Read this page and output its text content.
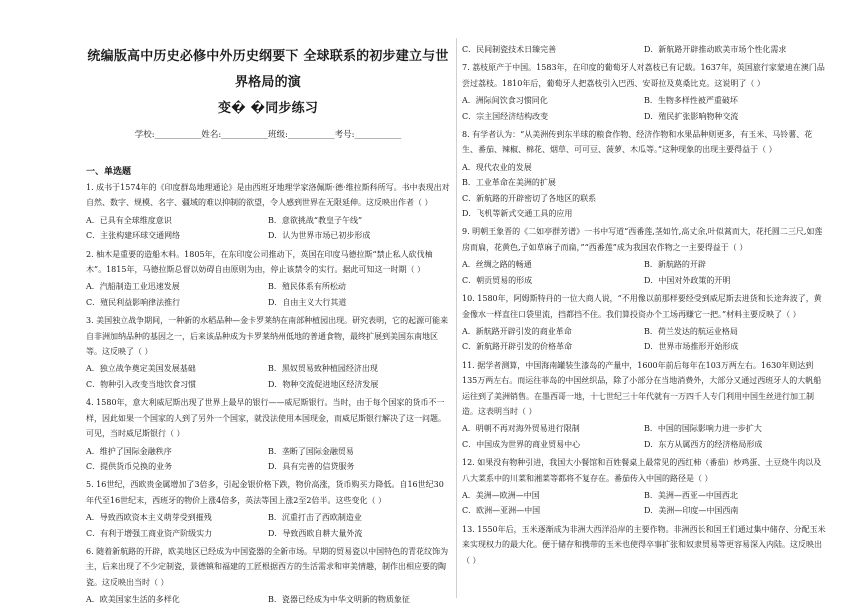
统编版高中历史必修中外历史纲要下 全球联系的初步建立与世界格局的演
变� �同步练习
学校:___________姓名:___________班级:___________考号:___________
一、单选题
1. 成书于1574年的《印度群岛地理通论》是由西班牙地理学家洛佩斯·德·维拉斯科所写。书中表现出对自然、数字、规模、名字、疆域的难以抑制的欲望，令人感到世界在无限延伸。这反映出作者（ ）
A．已具有全球维度意识	B．意欲挑战“教皇子午线”
C．主张构建环球交通网络	D．认为世界市场已初步形成
2. 柚木是重要的造船木料。1805年，在东印度公司推动下，英国在印度马德拉斯“禁止私人砍伐柚木”。1815年，马德拉斯总督以妨碍自由原则为由，停止该禁令的实行。据此可知这一时期（ ）
A．汽船制造工业迅速发展	B．殖民体系有所松动
C．殖民利益影响律法推行	D．自由主义大行其道
3. 美国独立战争期间，一种新的水稻品种—金卡罗莱纳在南部种植园出现。研究表明，它的起源可能来自非洲加纳品种的基因之一，后来该品种成为卡罗莱纳州低地的普通食物，最终扩展到美国东南地区等。这反映了（ ）
A．独立战争奠定美国发展基础	B．黑奴贸易致种植园经济出现
C．物种引入改变当地饮食习惯	D．物种交流促进地区经济发展
4. 1580年，意大利威尼斯出现了世界上最早的银行——威尼斯银行。当时，由于每个国家的货币不一样，因此如果一个国家的人到了另外一个国家，就没法使用本国现金，而威尼斯银行解决了这一问题。可见，当时威尼斯银行（ ）
A．维护了国际金融秩序	B．垄断了国际金融贸易
C．提供货币兑换的业务	D．具有完善的信贷服务
5. 16世纪，西欧贵金属增加了3倍多，引起金银价格下跌，物价高涨，货币购买力降低。自16世纪30年代至16世纪末，西班牙的物价上涨4倍多，英法等国上涨2至2倍半。这些变化（ ）
A．导致西欧资本主义萌芽受到摧残	B．沉重打击了西欧制造业
C．有利于增强工商业资产阶级实力	D．导致西欧自耕大量外流
6. 随着新航路的开辟，欧美地区已经成为中国瓷器的全新市场。早期的贸易瓷以中国特色的青花纹饰为主，后来出现了不少定制瓷，景德镇和福建的工匠根据西方的生活需求和审美情趣，制作出相应要的陶瓷。这反映出当时（ ）
A．欧美国家生活的多样化	B．瓷器已经成为中华文明新的物质象征
C．民间制瓷技术日臻完善	D．新航路开辟推动欧美市场个性化需求
7. 荔枝原产于中国。1583年，在印度的葡萄牙人对荔枝已有记载。1637年，英国旅行家蒙迪在澳门品尝过荔枝。1810年后，葡萄牙人把荔枝引入巴西、安哥拉及莫桑比克。这说明了（ ）
A．洲际间饮食习惯同化	B．生物多样性被严重破坏
C．宗主国经济结构改变	D．殖民扩张影响物种交流
8. 有学者认为：“从美洲传到东半球的粮食作物、经济作物和水果品种则更多，有玉米、马铃薯、花生、番茄、辣椒、棉花、烟草、可可豆、菠萝、木瓜等。”这种现象的出现主要得益于（ ）
A．现代农业的发展
B．工业革命在美洲的扩展
C．新航路的开辟密切了各地区的联系
D．飞机等新式交通工具的应用
9. 明朝王象晋的《二如亭群芳谱》一书中写道“西番莲,茎如竹,高丈余,叶似蒿而大，花托圆二三尺,如莲房而扁，花黄色,子如草麻子而扁，”“西番莲”成为我国农作物之一主要得益于（ ）
A．丝绸之路的畅通	B．新航路的开辟
C．朝贡贸易的形成	D．中国对外政策的开明
10. 1580年，阿姆斯特丹的一位大商人说，“不用像以前那样要经受到威尼斯去进货和长途奔波了，黄金像水一样直往口袋里流，挡都挡不住。我们算投资办个工场再赚它一把。”材料主要反映了（ ）
A．新航路开辟引发的商业革命	B．荷兰发达的航运业格局
C．新航路开辟引发的价格革命	D．世界市场推形开始形成
11. 据学者测算，中国海南罐装生漆岛的产量中，1600年前后每年在103万两左右。1630年则达到135万两左右。而运往菲岛的中国丝织品，除了小部分在当地消费外，大部分又通过西班牙人的大帆船运往到了美洲销售。在墨西哥一地，十七世纪三十年代就有一万四千人专门利用中国生丝进行加工制造。这表明当时（ ）
A．明朝不再对海外贸易进行限制	B．中国的国际影响力进一步扩大
C．中国成为世界的商业贸易中心	D．东方从属西方的经济格局形成
12. 如果没有物种引进，我国大小餐馆和百姓餐桌上最常见的西红柿（番茄）炒鸡蛋、土豆烧牛肉以及八大菜系中的川菜和湘菜等都将不复存在。番茄传入中国的路径是（ ）
A．美洲—欧洲—中国	B．美洲—西亚—中国西北
C．欧洲—亚洲—中国	D．美洲—印度—中国西南
13. 1550年后，玉米逐渐成为非洲大西洋沿岸的主要作物。非洲西长和国王们通过集中储存、分配玉米来实现权力的最大化。便于储存和携带的玉米也使得卒事扩张和奴隶贸易等更容易深入内陆。这反映出（ ）
